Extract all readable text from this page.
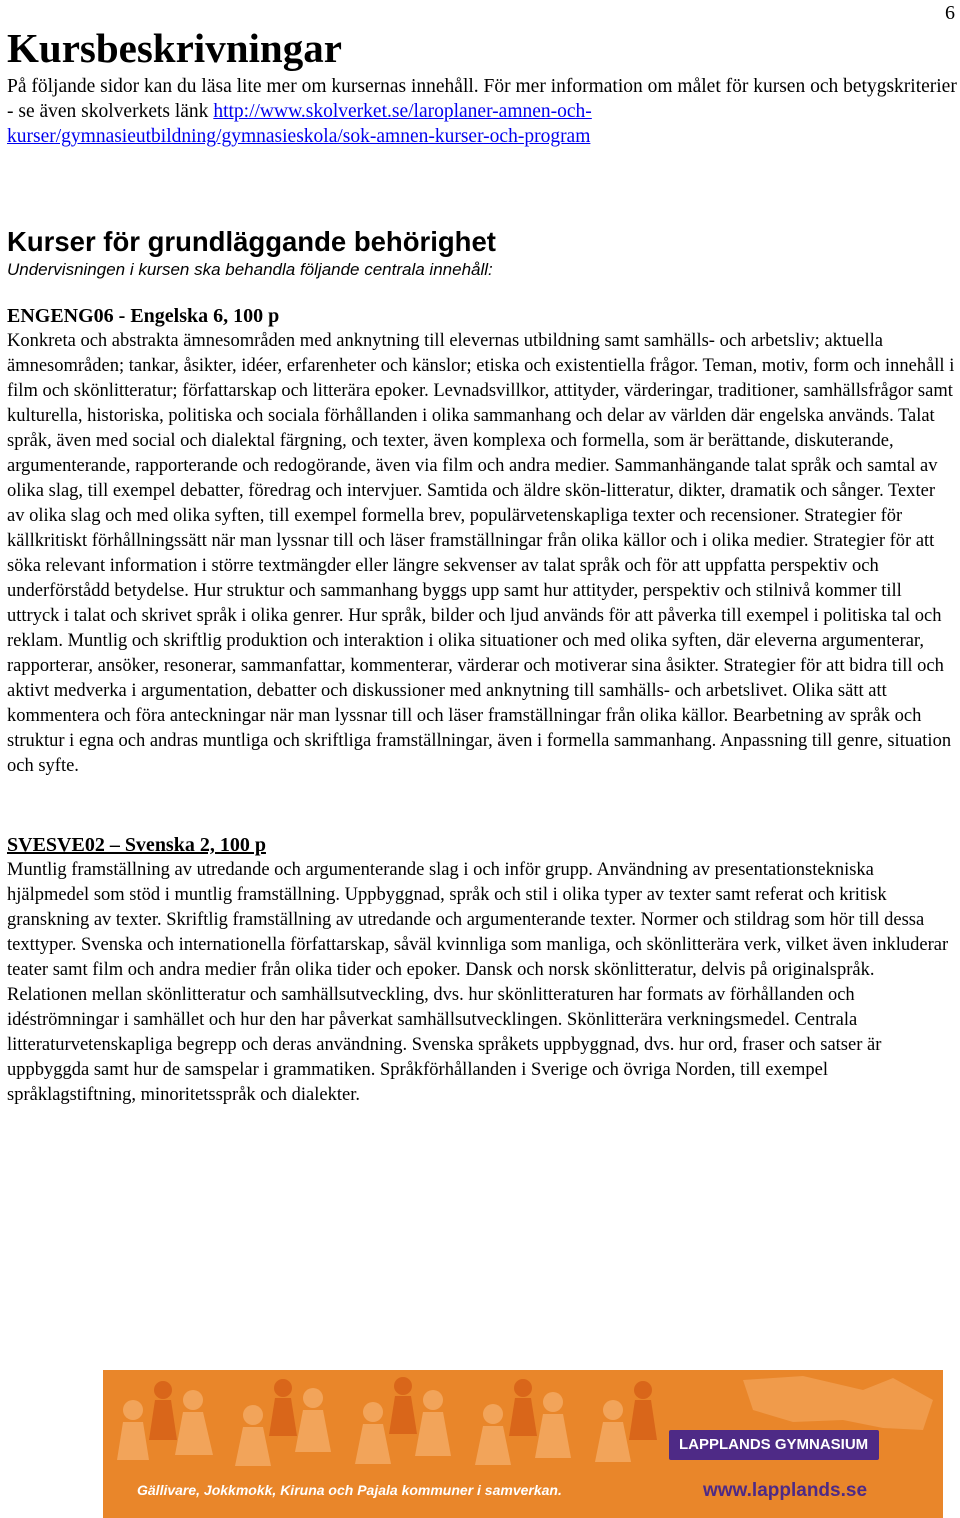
6
Kursbeskrivningar

På följande sidor kan du läsa lite mer om kursernas innehåll. För mer information om målet för kursen och betygskriterier - se även skolverkets länk http://www.skolverket.se/laroplaner-amnen-och-kurser/gymnasieutbildning/gymnasieskola/sok-amnen-kurser-och-program

Kurser för grundläggande behörighet

Undervisningen i kursen ska behandla följande centrala innehåll:

ENGENG06 - Engelska 6, 100 p

Konkreta och abstrakta ämnesområden med anknytning till elevernas utbildning samt samhälls- och arbetsliv; aktuella ämnesområden; tankar, åsikter, idéer, erfarenheter och känslor; etiska och existentiella frågor. Teman, motiv, form och innehåll i film och skönlitteratur; författarskap och litterära epoker. Levnadsvillkor, attityder, värderingar, traditioner, samhällsfrågor samt kulturella, historiska, politiska och sociala förhållanden i olika sammanhang och delar av världen där engelska används. Talat språk, även med social och dialektal färgning, och texter, även komplexa och formella, som är berättande, diskuterande, argumenterande, rapporterande och redogörande, även via film och andra medier. Sammanhängande talat språk och samtal av olika slag, till exempel debatter, föredrag och intervjuer. Samtida och äldre skön-litteratur, dikter, dramatik och sånger. Texter av olika slag och med olika syften, till exempel formella brev, populärvetenskapliga texter och recensioner. Strategier för källkritiskt förhållningssätt när man lyssnar till och läser framställningar från olika källor och i olika medier. Strategier för att söka relevant information i större textmängder eller längre sekvenser av talat språk och för att uppfatta perspektiv och underförstådd betydelse. Hur struktur och sammanhang byggs upp samt hur attityder, perspektiv och stilnivå kommer till uttryck i talat och skrivet språk i olika genrer. Hur språk, bilder och ljud används för att påverka till exempel i politiska tal och reklam. Muntlig och skriftlig produktion och interaktion i olika situationer och med olika syften, där eleverna argumenterar, rapporterar, ansöker, resonerar, sammanfattar, kommenterar, värderar och motiverar sina åsikter. Strategier för att bidra till och aktivt medverka i argumentation, debatter och diskussioner med anknytning till samhälls- och arbetslivet. Olika sätt att kommentera och föra anteckningar när man lyssnar till och läser framställningar från olika källor. Bearbetning av språk och struktur i egna och andras muntliga och skriftliga framställningar, även i formella sammanhang. Anpassning till genre, situation och syfte.

SVESVE02 – Svenska 2, 100 p

Muntlig framställning av utredande och argumenterande slag i och inför grupp. Användning av presentationstekniska hjälpmedel som stöd i muntlig framställning. Uppbyggnad, språk och stil i olika typer av texter samt referat och kritisk granskning av texter. Skriftlig framställning av utredande och argumenterande texter. Normer och stildrag som hör till dessa texttyper. Svenska och internationella författarskap, såväl kvinnliga som manliga, och skönlitterära verk, vilket även inkluderar teater samt film och andra medier från olika tider och epoker. Dansk och norsk skönlitteratur, delvis på originalspråk. Relationen mellan skönlitteratur och samhällsutveckling, dvs. hur skönlitteraturen har formats av förhållanden och idéströmningar i samhället och hur den har påverkat samhällsutvecklingen. Skönlitterära verkningsmedel. Centrala litteraturvetenskapliga begrepp och deras användning. Svenska språkets uppbyggnad, dvs. hur ord, fraser och satser är uppbyggda samt hur de samspelar i grammatiken. Språkförhållanden i Sverige och övriga Norden, till exempel språklagstiftning, minoritetsspråk och dialekter.

LAPPLANDS GYMNASIUM
Gällivare, Jokkmokk, Kiruna och Pajala kommuner i samverkan.	www.lapplands.se
